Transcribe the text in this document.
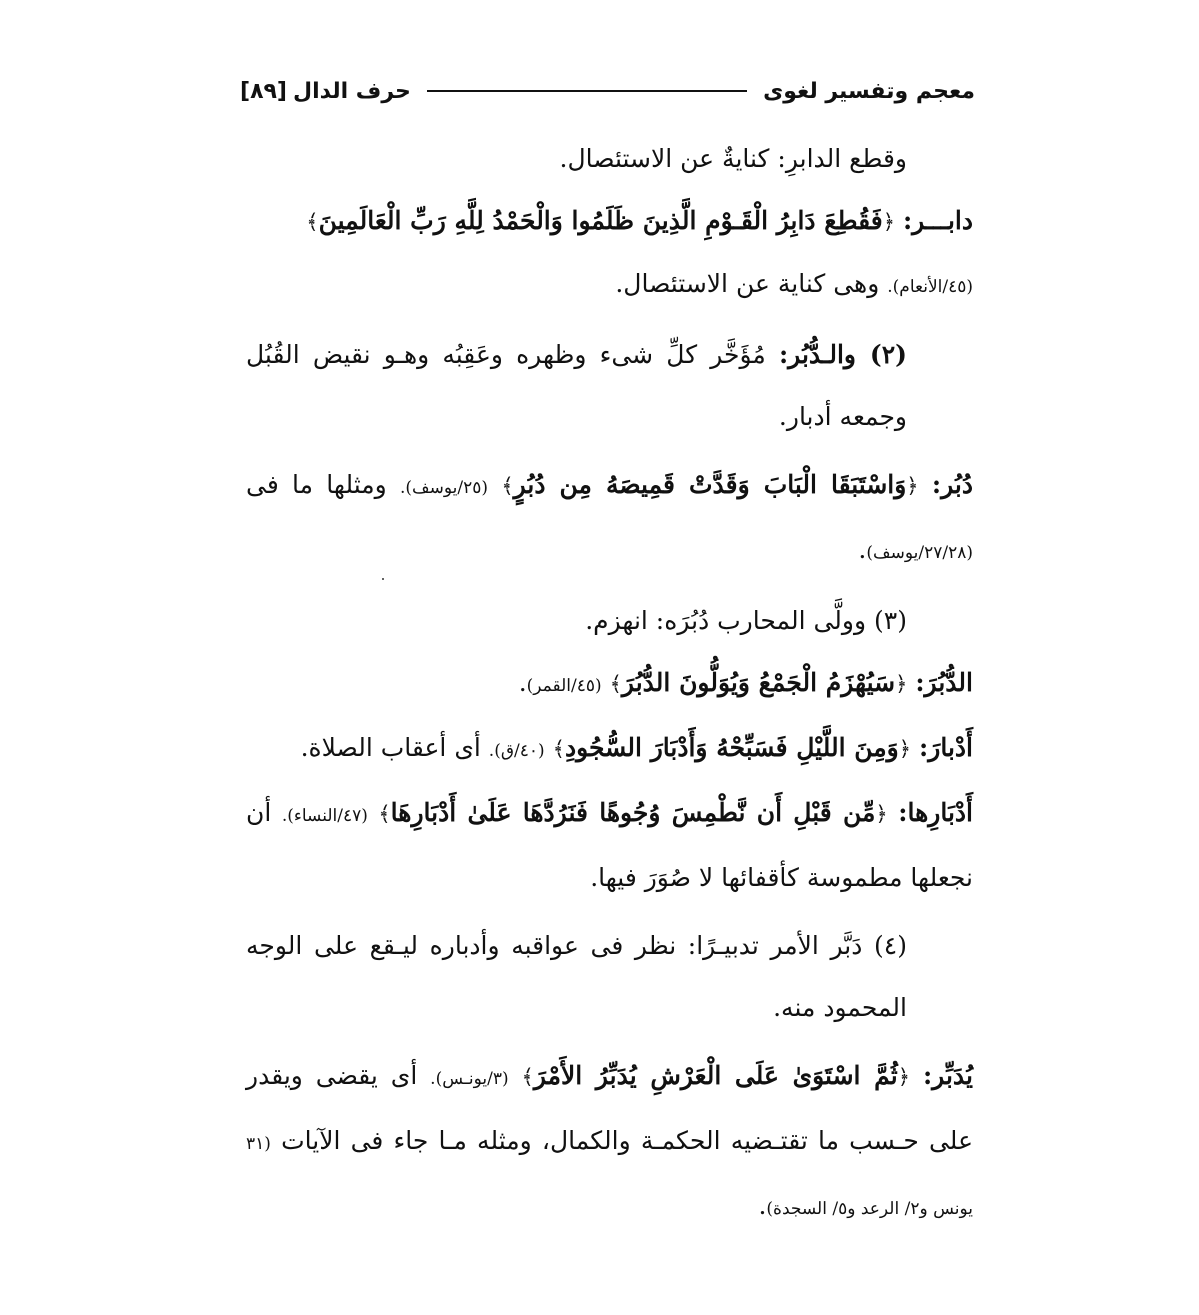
معجم وتفسير لغوى
حرف الدال
[٨٩]

وقطع الدابرِ: كنايةٌ عن الاستئصال.

دابـــر: ﴿فَقُطِعَ دَابِرُ الْقَـوْمِ الَّذِينَ ظَلَمُوا وَالْحَمْدُ لِلَّهِ رَبِّ الْعَالَمِينَ﴾

(٤٥/الأنعام). وهى كناية عن الاستئصال.

(٢) والـدُّبُر: مُؤَخَّر كلِّ شىء وظهره وعَقِبُه وهـو نقيض القُبُل وجمعه أدبار.

دُبُر: ﴿وَاسْتَبَقَا الْبَابَ وَقَدَّتْ قَمِيصَهُ مِن دُبُرٍ﴾ (٢٥/يوسف). ومثلها ما فى (٢٧/٢٨/يوسف).

(٣) وولَّى المحارب دُبُرَه: انهزم.

الدُّبُرَ: ﴿سَيُهْزَمُ الْجَمْعُ وَيُوَلُّونَ الدُّبُرَ﴾ (٤٥/القمر).

أَدْبارَ: ﴿وَمِنَ اللَّيْلِ فَسَبِّحْهُ وَأَدْبَارَ السُّجُودِ﴾ (٤٠/ق). أى أعقاب الصلاة.

أَدْبَارِها: ﴿مِّن قَبْلِ أَن نَّطْمِسَ وُجُوهًا فَنَرُدَّهَا عَلَىٰ أَدْبَارِهَا﴾ (٤٧/النساء). أن نجعلها مطموسة كأقفائها لا صُوَرَ فيها.

(٤) دَبَّر الأمر تدبيـرًا: نظر فى عواقبه وأدباره ليـقع على الوجه المحمود منه.

يُدَبِّر: ﴿ثُمَّ اسْتَوَىٰ عَلَى الْعَرْشِ يُدَبِّرُ الأَمْرَ﴾ (٣/يونـس). أى يقضى ويقدر على حـسب ما تقتـضيه الحكمـة والكمال، ومثله مـا جاء فى الآيات (٣١ يونس و٢/ الرعد و٥/ السجدة).
